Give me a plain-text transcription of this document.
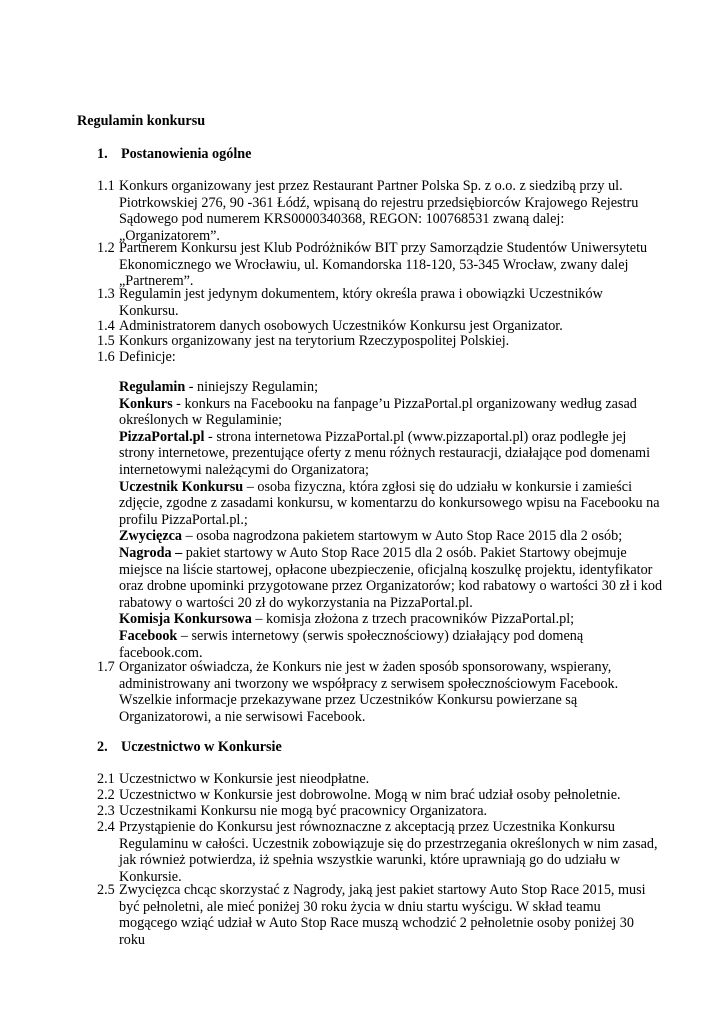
Regulamin konkursu
1. Postanowienia ogólne
1.1 Konkurs organizowany jest przez Restaurant Partner Polska Sp. z o.o. z siedzibą przy ul. Piotrkowskiej 276, 90 -361 Łódź, wpisaną do rejestru przedsiębiorców Krajowego Rejestru Sądowego pod numerem KRS0000340368, REGON: 100768531 zwaną dalej: „Organizatorem”.
1.2 Partnerem Konkursu jest Klub Podróżników BIT przy Samorządzie Studentów Uniwersytetu Ekonomicznego we Wrocławiu, ul. Komandorska 118-120, 53-345 Wrocław, zwany dalej „Partnerem”.
1.3 Regulamin jest jedynym dokumentem, który określa prawa i obowiązki Uczestników Konkursu.
1.4 Administratorem danych osobowych Uczestników Konkursu jest Organizator.
1.5 Konkurs organizowany jest na terytorium Rzeczypospolitej Polskiej.
1.6 Definicje:

Regulamin - niniejszy Regulamin;

Konkurs - konkurs na Facebooku na fanpage’u PizzaPortal.pl organizowany według zasad określonych w Regulaminie;

PizzaPortal.pl - strona internetowa PizzaPortal.pl (www.pizzaportal.pl) oraz podległe jej strony internetowe, prezentujące oferty z menu różnych restauracji, działające pod domenami internetowymi należącymi do Organizatora;

Uczestnik Konkursu – osoba fizyczna, która zgłosi się do udziału w konkursie i zamieści zdjęcie, zgodne z zasadami konkursu, w komentarzu do konkursowego wpisu na Facebooku na profilu PizzaPortal.pl.;

Zwycięzca – osoba nagrodzona pakietem startowym w Auto Stop Race 2015 dla 2 osób;

Nagroda – pakiet startowy w Auto Stop Race 2015 dla 2 osób. Pakiet Startowy obejmuje miejsce na liście startowej, opłacone ubezpieczenie, oficjalną koszulkę projektu, identyfikator oraz drobne upominki przygotowane przez Organizatorów; kod rabatowy o wartości 30 zł i kod rabatowy o wartości 20 zł do wykorzystania na PizzaPortal.pl.

Komisja Konkursowa – komisja złożona z trzech pracowników PizzaPortal.pl;

Facebook – serwis internetowy (serwis społecznościowy) działający pod domeną facebook.com.

1.7 Organizator oświadcza, że Konkurs nie jest w żaden sposób sponsorowany, wspierany, administrowany ani tworzony we współpracy z serwisem społecznościowym Facebook. Wszelkie informacje przekazywane przez Uczestników Konkursu powierzane są Organizatorowi, a nie serwisowi Facebook.
2. Uczestnictwo w Konkursie
2.1 Uczestnictwo w Konkursie jest nieodpłatne.
2.2 Uczestnictwo w Konkursie jest dobrowolne. Mogą w nim brać udział osoby pełnoletnie.
2.3 Uczestnikami Konkursu nie mogą być pracownicy Organizatora.
2.4 Przystąpienie do Konkursu jest równoznaczne z akceptacją przez Uczestnika Konkursu Regulaminu w całości. Uczestnik zobowiązuje się do przestrzegania określonych w nim zasad, jak również potwierdza, iż spełnia wszystkie warunki, które uprawniają go do udziału w Konkursie.
2.5 Zwycięzca chcąc skorzystać z Nagrody, jaką jest pakiet startowy Auto Stop Race 2015, musi być pełnoletni, ale mieć poniżej 30 roku życia w dniu startu wyścigu. W skład teamu mogącego wziąć udział w Auto Stop Race muszą wchodzić 2 pełnoletnie osoby poniżej 30 roku
